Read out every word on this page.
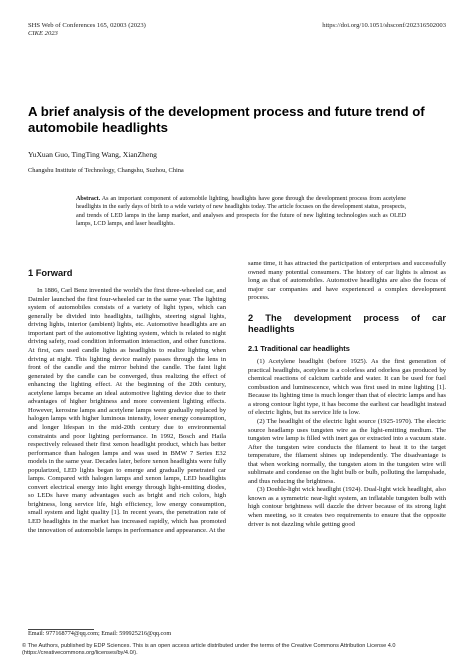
SHS Web of Conferences 165, 02003 (2023)
CIKE 2023
https://doi.org/10.1051/shsconf/202316502003
A brief analysis of the development process and future trend of automobile headlights
YuXuan Guo, TingTing Wang, XianZheng
Changshu Institute of Technology, Changshu, Suzhou, China

Abstract. As an important component of automobile lighting, headlights have gone through the development process from acetylene headlights in the early days of birth to a wide variety of new headlights today. The article focuses on the development status, prospects, and trends of LED lamps in the lamp market, and analyses and prospects for the future of new lighting technologies such as OLED lamps, LCD lamps, and laser headlights.

1 Forward

In 1886, Carl Benz invented the world's the first three-wheeled car, and Daimler launched the first four-wheeled car in the same year. The lighting system of automobiles consists of a variety of light types, which can generally be divided into headlights, taillights, steering signal lights, driving lights, interior (ambient) lights, etc. Automotive headlights are an important part of the automotive lighting system, which is related to night driving safety, road condition information interaction, and other functions. At first, cars used candle lights as headlights to realize lighting when driving at night. This lighting device mainly passes through the lens in front of the candle and the mirror behind the candle. The faint light generated by the candle can be converged, thus realizing the effect of enhancing the lighting effect. At the beginning of the 20th century, acetylene lamps became an ideal automotive lighting device due to their advantages of higher brightness and more convenient lighting effects. However, kerosine lamps and acetylene lamps were gradually replaced by halogen lamps with higher luminous intensity, lower energy consumption, and longer lifespan in the mid-20th century due to environmental constraints and poor lighting performance. In 1992, Bosch and Haila respectively released their first xenon headlight product, which has better performance than halogen lamps and was used in BMW 7 Series E32 models in the same year. Decades later, before xenon headlights were fully popularized, LED lights began to emerge and gradually penetrated car lamps. Compared with halogen lamps and xenon lamps, LED headlights convert electrical energy into light energy through light-emitting diodes, so LEDs have many advantages such as bright and rich colors, high brightness, long service life, high efficiency, low energy consumption, small system and light quality [1]. In recent years, the penetration rate of LED headlights in the market has increased rapidly, which has promoted the innovation of automobile lamps in performance and appearance. At the

same time, it has attracted the participation of enterprises and successfully owned many potential consumers. The history of car lights is almost as long as that of automobiles. Automotive headlights are also the focus of major car companies and have experienced a complex development process.

2 The development process of car headlights
2.1 Traditional car headlights

(1) Acetylene headlight (before 1925). As the first generation of practical headlights, acetylene is a colorless and odorless gas produced by chemical reactions of calcium carbide and water. It can be used for fuel combustion and luminescence, which was first used in mine lighting [1]. Because its lighting time is much longer than that of electric lamps and has a strong contour light type, it has become the earliest car headlight instead of electric lights, but its service life is low.

(2) The headlight of the electric light source (1925-1970). The electric source headlamp uses tungsten wire as the light-emitting medium. The tungsten wire lamp is filled with inert gas or extracted into a vacuum state. After the tungsten wire conducts the filament to heat it to the target temperature, the filament shines up independently. The disadvantage is that when working normally, the tungsten atom in the tungsten wire will sublimate and condense on the light bulb or bulb, polluting the lampshade, and thus reducing the brightness.

(3) Double-light wick headlight (1924). Dual-light wick headlight, also known as a symmetric near-light system, an inflatable tungsten bulb with high contour brightness will dazzle the driver because of its strong light when meeting, so it creates two requirements to ensure that the opposite driver is not dazzling while getting good

Email: 977168774@qq.com; Email: 599925216@qq.com
© The Authors, published by EDP Sciences. This is an open access article distributed under the terms of the Creative Commons Attribution License 4.0 (https://creativecommons.org/licenses/by/4.0/).
